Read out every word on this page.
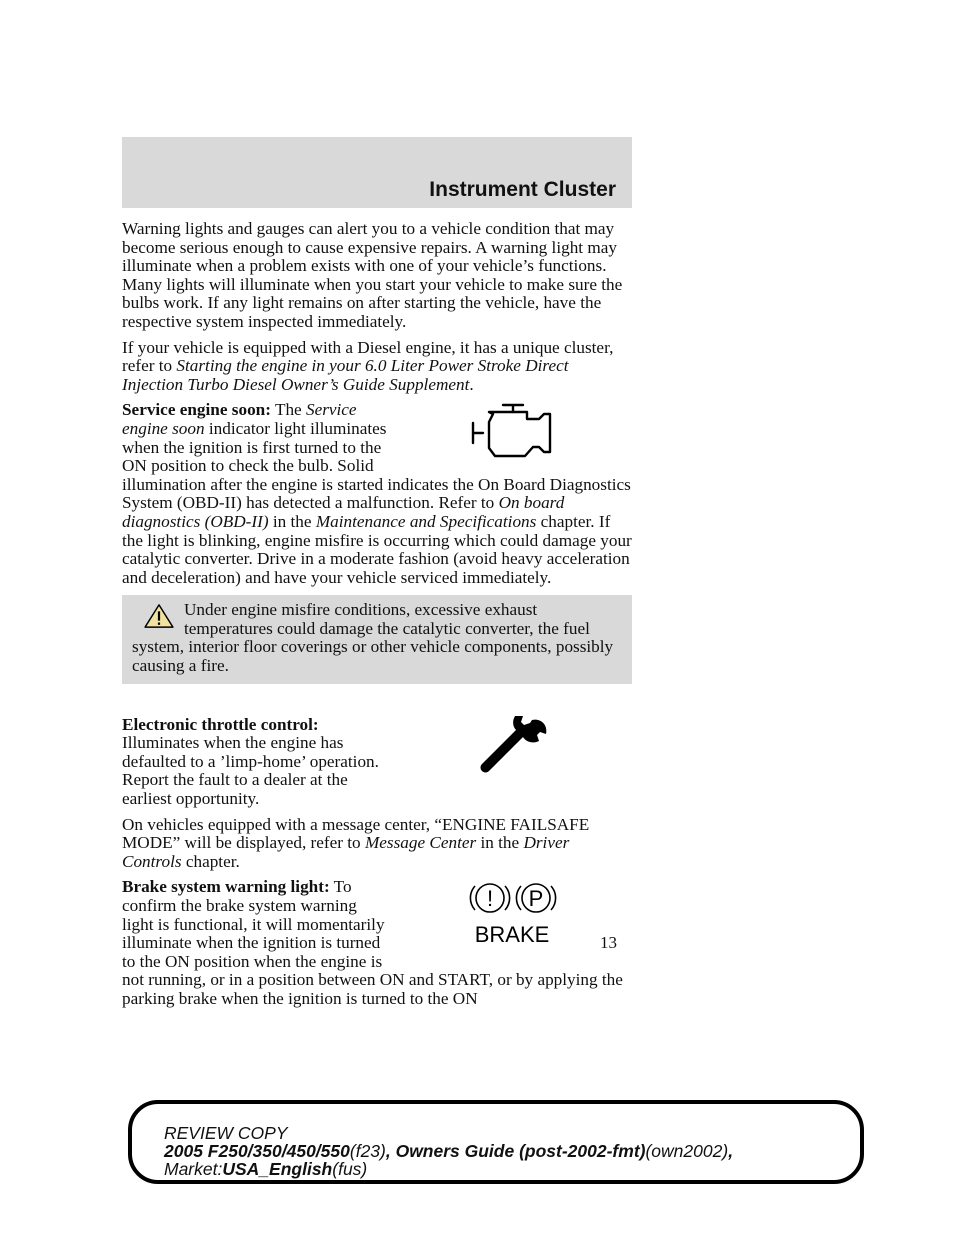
Instrument Cluster

Warning lights and gauges can alert you to a vehicle condition that may become serious enough to cause expensive repairs. A warning light may illuminate when a problem exists with one of your vehicle’s functions. Many lights will illuminate when you start your vehicle to make sure the bulbs work. If any light remains on after starting the vehicle, have the respective system inspected immediately.

If your vehicle is equipped with a Diesel engine, it has a unique cluster, refer to Starting the engine in your 6.0 Liter Power Stroke Direct Injection Turbo Diesel Owner’s Guide Supplement.

Service engine soon: The Service engine soon indicator light illuminates when the ignition is first turned to the ON position to check the bulb. Solid illumination after the engine is started indicates the On Board Diagnostics System (OBD-II) has detected a malfunction. Refer to On board diagnostics (OBD-II) in the Maintenance and Specifications chapter. If the light is blinking, engine misfire is occurring which could damage your catalytic converter. Drive in a moderate fashion (avoid heavy acceleration and deceleration) and have your vehicle serviced immediately.

Under engine misfire conditions, excessive exhaust temperatures could damage the catalytic converter, the fuel system, interior floor coverings or other vehicle components, possibly causing a fire.

Electronic throttle control:
Illuminates when the engine has defaulted to a ’limp-home’ operation. Report the fault to a dealer at the earliest opportunity.

On vehicles equipped with a message center, “ENGINE FAILSAFE MODE” will be displayed, refer to Message Center in the Driver Controls chapter.

! P
BRAKE
Brake system warning light: To confirm the brake system warning light is functional, it will momentarily illuminate when the ignition is turned to the ON position when the engine is not running, or in a position between ON and START, or by applying the parking brake when the ignition is turned to the ON

13
REVIEW COPY
2005 F250/350/450/550(f23), Owners Guide (post-2002-fmt)(own2002),
Market:USA_English(fus)
